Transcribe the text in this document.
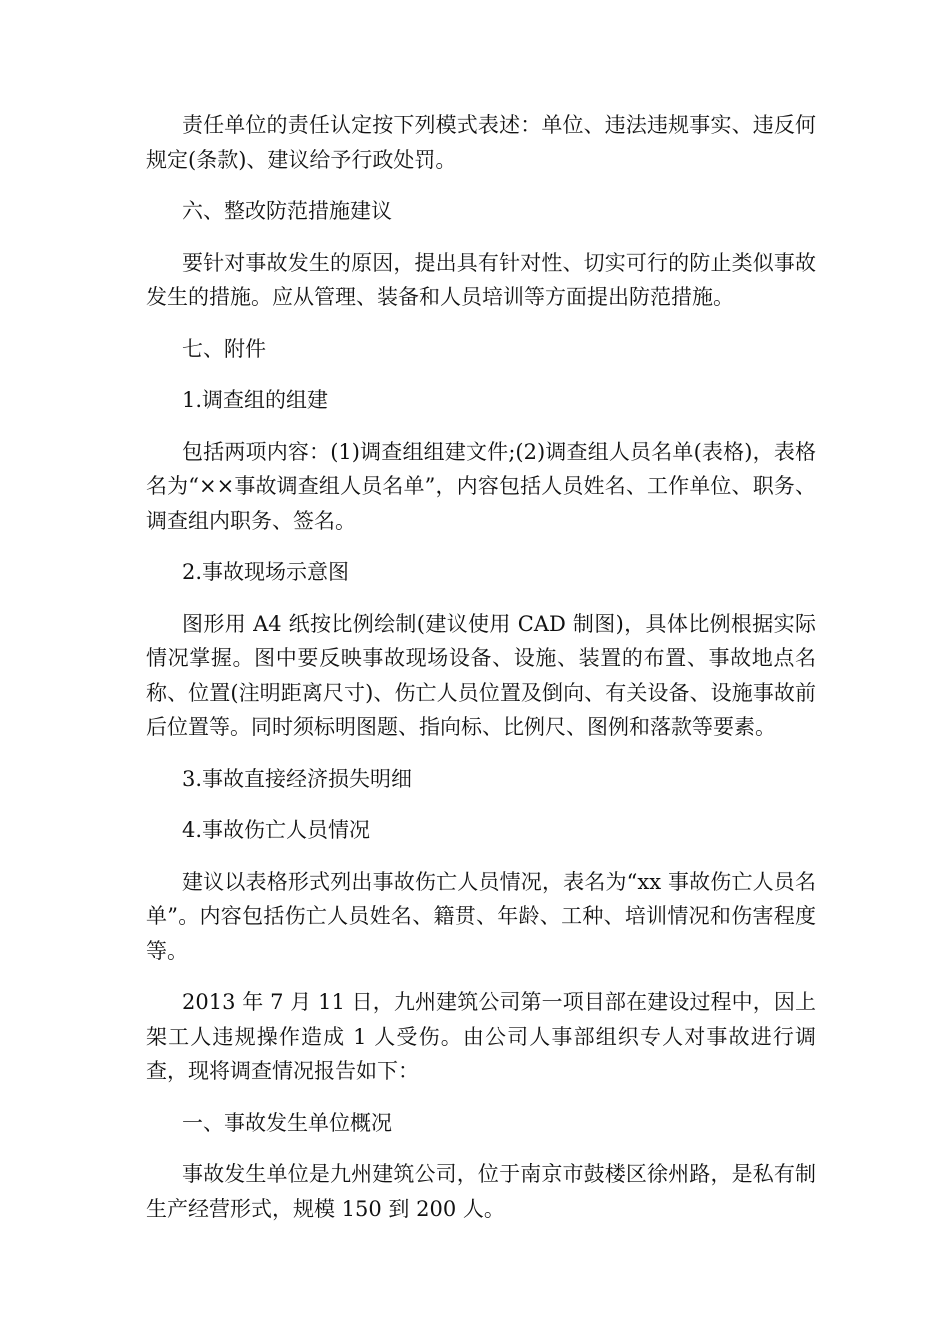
责任单位的责任认定按下列模式表述：单位、违法违规事实、违反何规定(条款)、建议给予行政处罚。

六、整改防范措施建议

要针对事故发生的原因，提出具有针对性、切实可行的防止类似事故发生的措施。应从管理、装备和人员培训等方面提出防范措施。

七、附件

1.调查组的组建

包括两项内容：(1)调查组组建文件;(2)调查组人员名单(表格)，表格名为“××事故调查组人员名单”，内容包括人员姓名、工作单位、职务、调查组内职务、签名。

2.事故现场示意图

图形用 A4 纸按比例绘制(建议使用 CAD 制图)，具体比例根据实际情况掌握。图中要反映事故现场设备、设施、装置的布置、事故地点名称、位置(注明距离尺寸)、伤亡人员位置及倒向、有关设备、设施事故前后位置等。同时须标明图题、指向标、比例尺、图例和落款等要素。

3.事故直接经济损失明细

4.事故伤亡人员情况

建议以表格形式列出事故伤亡人员情况，表名为“xx 事故伤亡人员名单”。内容包括伤亡人员姓名、籍贯、年龄、工种、培训情况和伤害程度等。

2013 年 7 月 11 日，九州建筑公司第一项目部在建设过程中，因上架工人违规操作造成 1 人受伤。由公司人事部组织专人对事故进行调查，现将调查情况报告如下：

一、事故发生单位概况

事故发生单位是九州建筑公司，位于南京市鼓楼区徐州路，是私有制生产经营形式，规模 150 到 200 人。
